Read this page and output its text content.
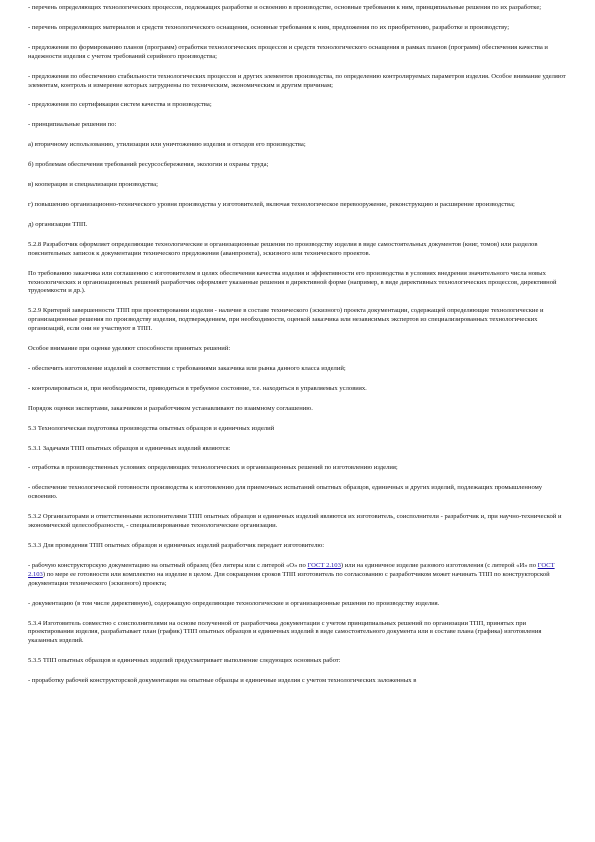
- перечень определяющих технологических процессов, подлежащих разработке и освоению в производстве, основные требования к ним, принципиальные решения по их разработке;

- перечень определяющих материалов и средств технологического оснащения, основные требования к ним, предложения по их приобретению, разработке и производству;

- предложения по формированию планов (программ) отработки технологических процессов и средств технологического оснащения в рамках планов (программ) обеспечения качества и надежности изделия с учетом требований серийного производства;

- предложения по обеспечению стабильности технологических процессов и других элементов производства, по определению контролируемых параметров изделия. Особое внимание уделяют элементам, контроль и измерение которых затруднены по техническим, экономическим и другим причинам;

- предложения по сертификации систем качества и производства;

- принципиальные решения по:

а) вторичному использованию, утилизации или уничтожению изделия и отходов его производства;

б) проблемам обеспечения требований ресурсосбережения, экологии и охраны труда;

в) кооперации и специализации производства;

г) повышению организационно-технического уровня производства у изготовителей, включая технологическое перевооружение, реконструкцию и расширение производства;

д) организации ТПП.

5.2.8 Разработчик оформляет определяющие технологические и организационные решения по производству изделия в виде самостоятельных документов (книг, томов) или разделов пояснительных записок к документации технического предложения (аванпроекта), эскизного или технического проектов.

По требованию заказчика или соглашению с изготовителем в целях обеспечения качества изделия и эффективности его производства в условиях внедрения значительного числа новых технологических и организационных решений разработчик оформляет указанные решения в директивной форме (например, в виде директивных технологических процессов, директивной трудоемкости и др.).

5.2.9 Критерий завершенности ТПП при проектировании изделия - наличие в составе технического (эскизного) проекта документации, содержащей определяющие технологические и организационные решения по производству изделия, подтверждением, при необходимости, оценкой заказчика или независимых экспертов из специализированных технологических организаций, если они не участвуют в ТПП.

Особое внимание при оценке уделяют способности принятых решений:

- обеспечить изготовление изделий в соответствии с требованиями заказчика или рынка данного класса изделий;

- контролироваться и, при необходимости, приводиться в требуемое состояние, т.е. находиться в управляемых условиях.

Порядок оценки экспертами, заказчиком и разработчиком устанавливают по взаимному соглашению.

5.3 Технологическая подготовка производства опытных образцов и единичных изделий

5.3.1 Задачами ТПП опытных образцов и единичных изделий являются:

- отработка в производственных условиях определяющих технологических и организационных решений по изготовлению изделия;

- обеспечение технологической готовности производства к изготовлению для приемочных испытаний опытных образцов, единичных и других изделий, подлежащих промышленному освоению.

5.3.2 Организаторами и ответственными исполнителями ТПП опытных образцов и единичных изделий являются их изготовитель, соисполнители - разработчик и, при научно-технической и экономической целесообразности, - специализированные технологические организации.

5.3.3 Для проведения ТПП опытных образцов и единичных изделий разработчик передает изготовителю:

- рабочую конструкторскую документацию на опытный образец (без литеры или с литерой «О» по ГОСТ 2.103) или на единичное изделие разового изготовления (с литерой «И» по ГОСТ 2.103) по мере ее готовности или комплектно на изделие в целом. Для сокращения сроков ТПП изготовитель по согласованию с разработчиком может начинать ТПП по конструкторской документации технического (эскизного) проекта;

- документацию (в том числе директивную), содержащую определяющие технологические и организационные решения по производству изделия.

5.3.4 Изготовитель совместно с соисполнителями на основе полученной от разработчика документации с учетом принципиальных решений по организации ТПП, принятых при проектировании изделия, разрабатывает план (график) ТПП опытных образцов и единичных изделий в виде самостоятельного документа или в составе плана (графика) изготовления указанных изделий.

5.3.5 ТПП опытных образцов и единичных изделий предусматривает выполнение следующих основных работ:

- проработку рабочей конструкторской документации на опытные образцы и единичные изделия с учетом технологических заложенных в
